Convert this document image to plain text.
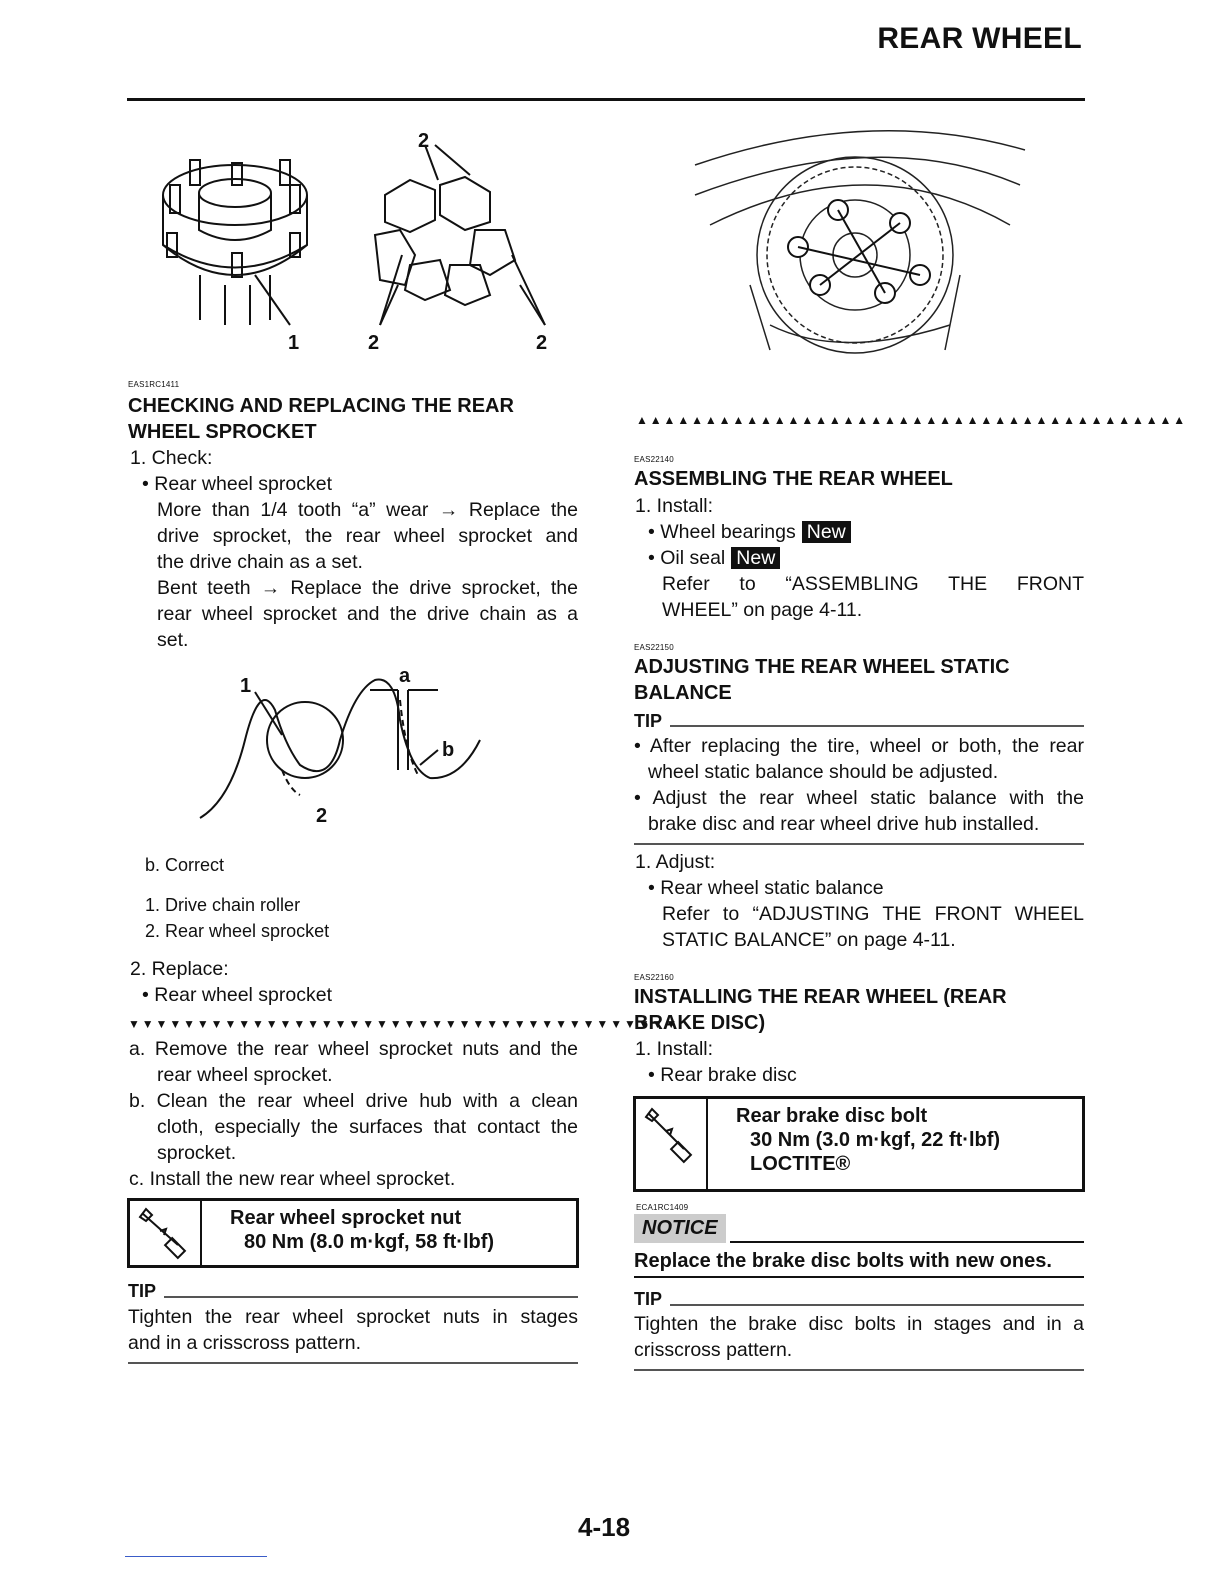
REAR WHEEL
2
1	2	2
EAS1RC1411
CHECKING AND REPLACING THE REAR
WHEEL SPROCKET
1. Check:
• Rear wheel sprocket
More than 1/4 tooth “a” wear → Replace the
drive sprocket, the rear wheel sprocket and
the drive chain as a set.
Bent teeth → Replace the drive sprocket, the
rear wheel sprocket and the drive chain as a
set.
a
1
b
2
b. Correct
1. Drive chain roller
2. Rear wheel sprocket
2. Replace:
• Rear wheel sprocket
▼▼▼▼▼▼▼▼▼▼▼▼▼▼▼▼▼▼▼▼▼▼▼▼▼▼▼▼▼▼▼▼▼▼▼▼▼▼▼▼
a. Remove the rear wheel sprocket nuts and the
rear wheel sprocket.
b. Clean the rear wheel drive hub with a clean
cloth, especially the surfaces that contact the
sprocket.
c. Install the new rear wheel sprocket.
Rear wheel sprocket nut
80 Nm (8.0 m·kgf, 58 ft·lbf)
TIP
Tighten the rear wheel sprocket nuts in stages
and in a crisscross pattern.
▲▲▲▲▲▲▲▲▲▲▲▲▲▲▲▲▲▲▲▲▲▲▲▲▲▲▲▲▲▲▲▲▲▲▲▲▲▲▲▲
EAS22140
ASSEMBLING THE REAR WHEEL
1. Install:
• Wheel bearings New
• Oil seal New
Refer to “ASSEMBLING THE FRONT
WHEEL” on page 4-11.
EAS22150
ADJUSTING THE REAR WHEEL STATIC
BALANCE
TIP
• After replacing the tire, wheel or both, the rear
wheel static balance should be adjusted.
• Adjust the rear wheel static balance with the
brake disc and rear wheel drive hub installed.
1. Adjust:
• Rear wheel static balance
Refer to “ADJUSTING THE FRONT WHEEL
STATIC BALANCE” on page 4-11.
EAS22160
INSTALLING THE REAR WHEEL (REAR
BRAKE DISC)
1. Install:
• Rear brake disc
Rear brake disc bolt
30 Nm (3.0 m·kgf, 22 ft·lbf)
LOCTITE®
ECA1RC1409
NOTICE
Replace the brake disc bolts with new ones.
TIP
Tighten the brake disc bolts in stages and in a
crisscross pattern.
4-18
